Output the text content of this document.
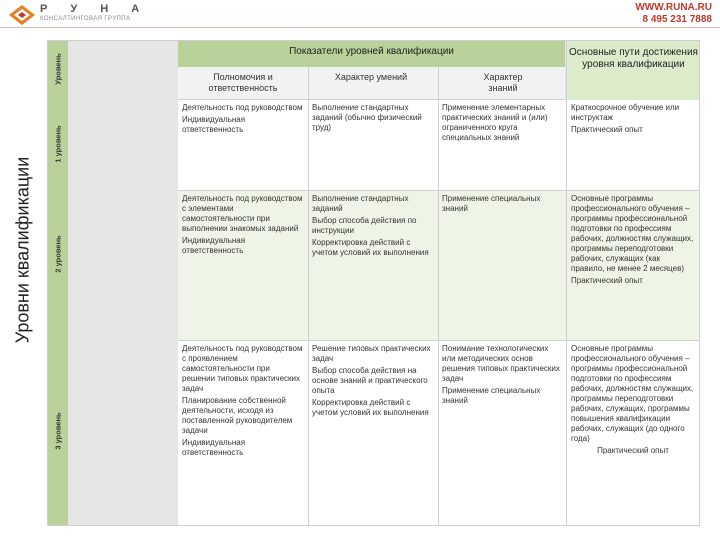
Р У Н А
КОНСАЛТИНГОВАЯ ГРУППА
WWW.RUNA.RU
8 495 231 7888
Уровни квалификации
Уровень
1 уровень
2 уровень
3 уровень
Показатели уровней квалификации
Полномочия и ответственность
Характер умений	Характер знаний
Основные пути достижения уровня квалификации

Деятельность под руководством

Индивидуальная ответственность

Выполнение стандартных заданий (обычно физический труд)

Применение элементарных практических знаний и (или) ограниченного круга специальных знаний

Краткосрочное обучение или инструктаж

Практический опыт

Деятельность под руководством с элементами самостоятельности при выполнении знакомых заданий

Индивидуальная ответственность

Выполнение стандартных заданий

Выбор способа действия по инструкции

Корректировка действий с учетом условий их выполнения

Применение специальных знаний

Основные программы профессионального обучения – программы профессиональной подготовки по профессиям рабочих, должностям служащих, программы переподготовки рабочих, служащих (как правило, не менее 2 месяцев)

Практический опыт

Деятельность под руководством с проявлением самостоятельности при решении типовых практических задач

Планирование собственной деятельности, исходя из поставленной руководителем задачи

Индивидуальная ответственность

Решение типовых практических задач

Выбор способа действия на основе знаний и практического опыта

Корректировка действий с учетом условий их выполнения

Понимание технологических или методических основ решения типовых практических задач

Применение специальных знаний

Основные программы профессионального обучения – программы профессиональной подготовки по профессиям рабочих, должностям служащих, программы переподготовки рабочих, служащих, программы повышения квалификации рабочих, служащих (до одного года)

Практический опыт
